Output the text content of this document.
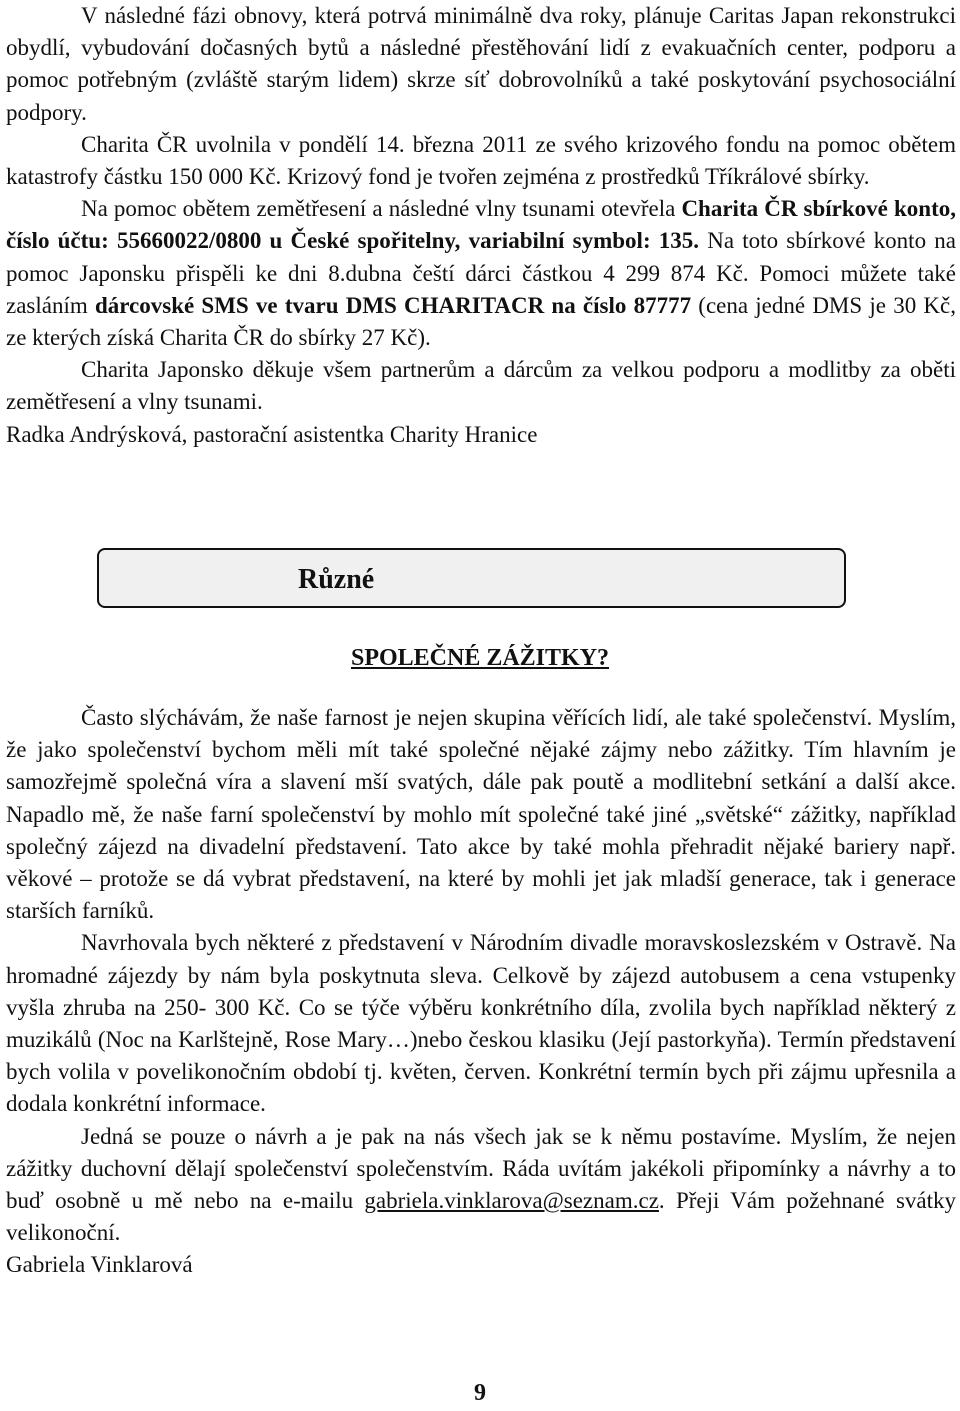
V následné fázi obnovy, která potrvá minimálně dva roky, plánuje Caritas Japan rekonstrukci obydlí, vybudování dočasných bytů a následné přestěhování lidí z evakuačních center, podporu a pomoc potřebným (zvláště starým lidem) skrze síť dobrovolníků a také poskytování psychosociální podpory.

Charita ČR uvolnila v pondělí 14. března 2011 ze svého krizového fondu na pomoc obětem katastrofy částku 150 000 Kč. Krizový fond je tvořen zejména z prostředků Tříkrálové sbírky.

Na pomoc obětem zemětřesení a následné vlny tsunami otevřela Charita ČR sbírkové konto, číslo účtu: 55660022/0800 u České spořitelny, variabilní symbol: 135. Na toto sbírkové konto na pomoc Japonsku přispěli ke dni 8.dubna čeští dárci částkou 4 299 874 Kč. Pomoci můžete také zasláním dárcovské SMS ve tvaru DMS CHARITACR na číslo 87777 (cena jedné DMS je 30 Kč, ze kterých získá Charita ČR do sbírky 27 Kč).

Charita Japonsko děkuje všem partnerům a dárcům za velkou podporu a modlitby za oběti zemětřesení a vlny tsunami.

Radka Andrýsková, pastorační asistentka Charity Hranice

Různé
SPOLEČNÉ ZÁŽITKY?

Často slýchávám, že naše farnost je nejen skupina věřících lidí, ale také společenství. Myslím, že jako společenství bychom měli mít také společné nějaké zájmy nebo zážitky. Tím hlavním je samozřejmě společná víra a slavení mší svatých, dále pak poutě a modlitební setkání a další akce. Napadlo mě, že naše farní společenství by mohlo mít společné také jiné „světské“ zážitky, například společný zájezd na divadelní představení. Tato akce by také mohla přehradit nějaké bariery např. věkové – protože se dá vybrat představení, na které by mohli jet jak mladší generace, tak i generace starších farníků.

Navrhovala bych některé z představení v Národním divadle moravskoslezském v Ostravě. Na hromadné zájezdy by nám byla poskytnuta sleva. Celkově by zájezd autobusem a cena vstupenky vyšla zhruba na 250- 300 Kč. Co se týče výběru konkrétního díla, zvolila bych například některý z muzikálů (Noc na Karlštejně, Rose Mary…)nebo českou klasiku (Její pastorkyňa). Termín představení bych volila v povelikonočním období tj. květen, červen. Konkrétní termín bych při zájmu upřesnila a dodala konkrétní informace.

Jedná se pouze o návrh a je pak na nás všech jak se k němu postavíme. Myslím, že nejen zážitky duchovní dělají společenství společenstvím. Ráda uvítám jakékoli připomínky a návrhy a to buď osobně u mě nebo na e-mailu gabriela.vinklarova@seznam.cz. Přeji Vám požehnané svátky velikonoční.

Gabriela Vinklarová

9
